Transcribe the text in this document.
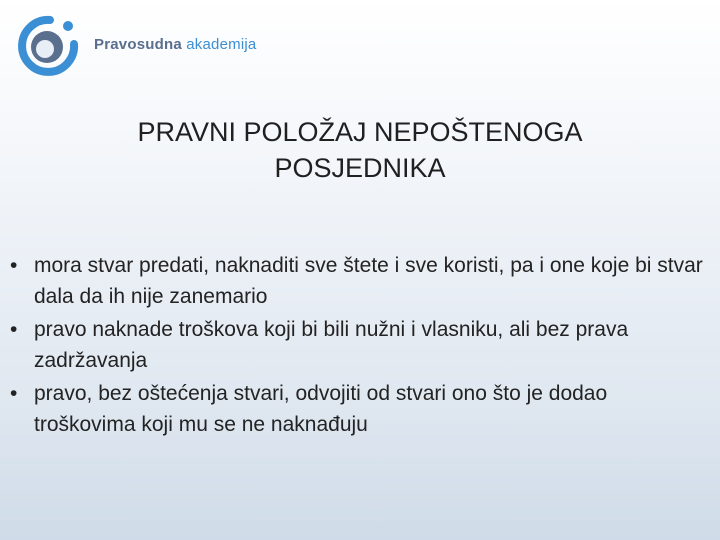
Pravosudna akademija
PRAVNI POLOŽAJ NEPOŠTENOGA
POSJEDNIKA
• mora stvar predati, naknaditi sve štete i sve koristi, pa i one koje bi stvar dala da ih nije zanemario
• pravo naknade troškova koji bi bili nužni i vlasniku, ali bez prava zadržavanja
• pravo, bez oštećenja stvari, odvojiti od stvari ono što je dodao troškovima koji mu se ne naknađuju
